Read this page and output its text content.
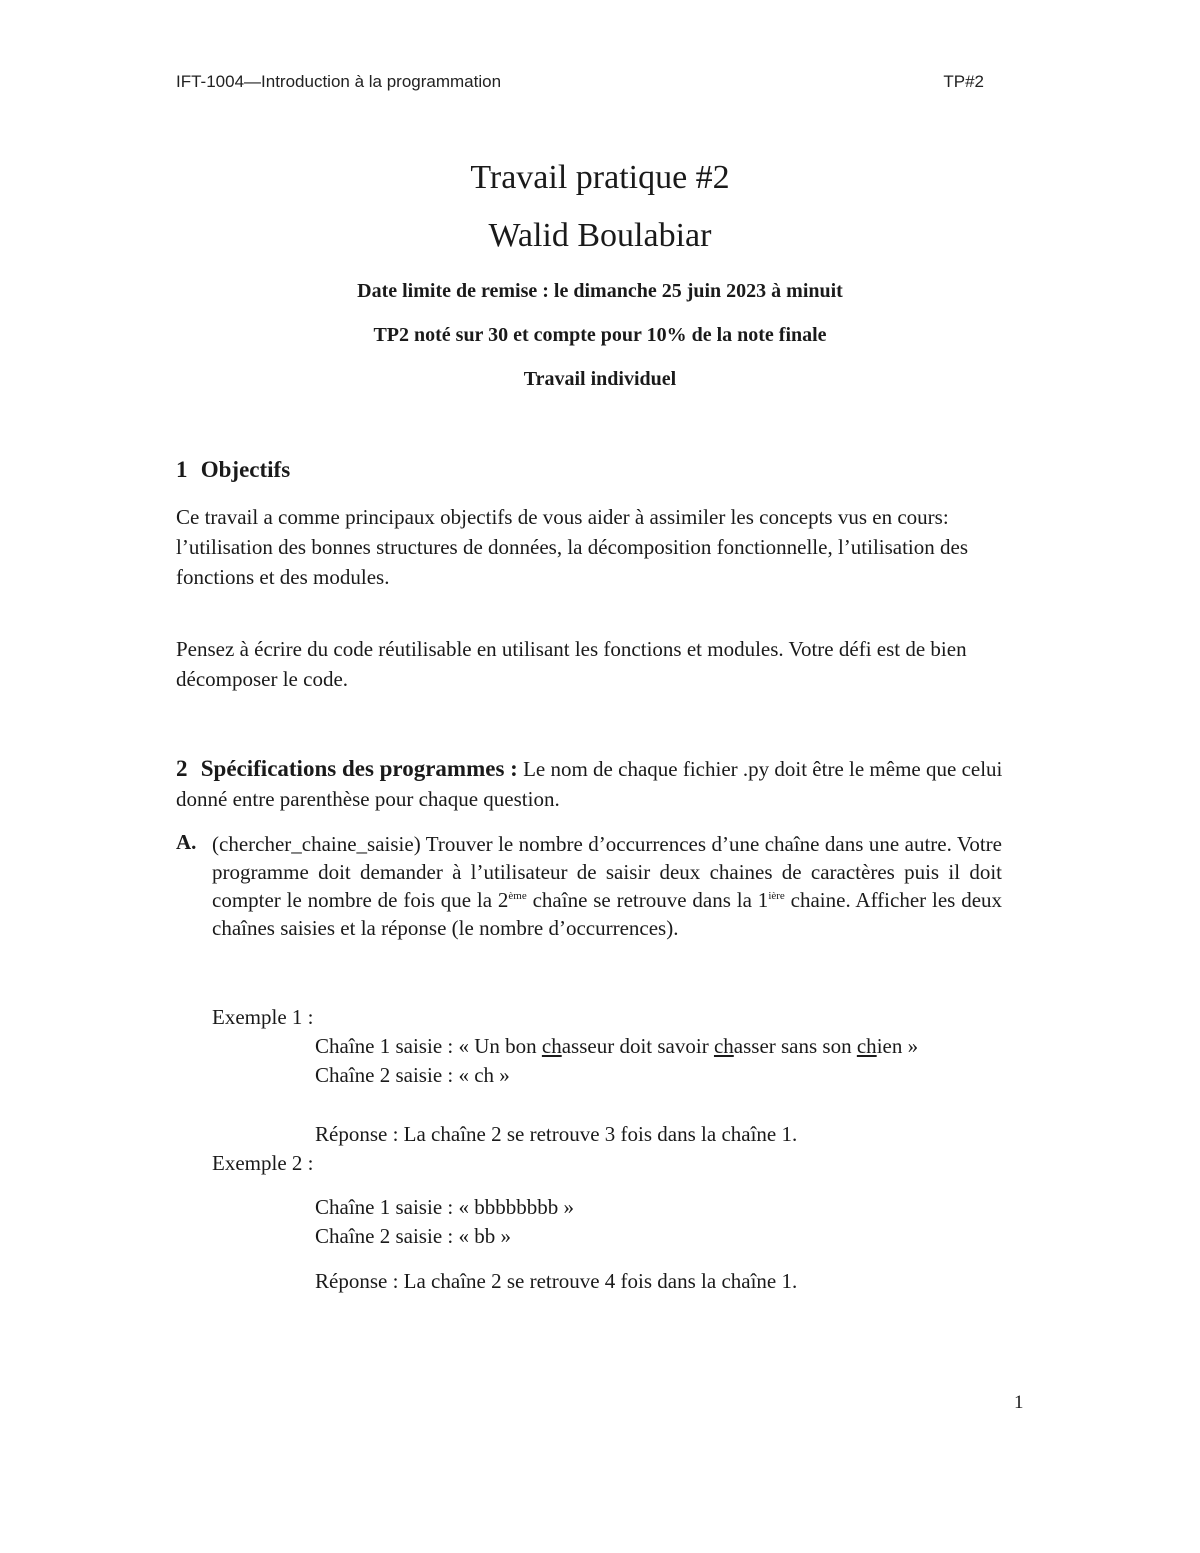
IFT-1004—Introduction à la programmation	TP#2

Travail pratique #2

Walid Boulabiar

Date limite de remise : le dimanche 25 juin 2023 à minuit

TP2 noté sur 30 et compte pour 10% de la note finale

Travail individuel

1 Objectifs

Ce travail a comme principaux objectifs de vous aider à assimiler les concepts vus en cours: l’utilisation des bonnes structures de données, la décomposition fonctionnelle, l’utilisation des fonctions et des modules.

Pensez à écrire du code réutilisable en utilisant les fonctions et modules. Votre défi est de bien décomposer le code.

2 Spécifications des programmes : Le nom de chaque fichier .py doit être le même que celui donné entre parenthèse pour chaque question.

A. (chercher_chaine_saisie) Trouver le nombre d’occurrences d’une chaîne dans une autre. Votre programme doit demander à l’utilisateur de saisir deux chaines de caractères puis il doit compter le nombre de fois que la 2ème chaîne se retrouve dans la $1^{ière}$ chaine. Afficher les deux chaînes saisies et la réponse (le nombre d’occurrences).

Exemple 1 :
Chaîne 1 saisie : « Un bon chasseur doit savoir chasser sans son chien »
Chaîne 2 saisie : « ch »
Réponse : La chaîne 2 se retrouve 3 fois dans la chaîne 1.
Exemple 2 :
Chaîne 1 saisie : « bbbbbbbb »
Chaîne 2 saisie : « bb »
Réponse : La chaîne 2 se retrouve 4 fois dans la chaîne 1.
1
